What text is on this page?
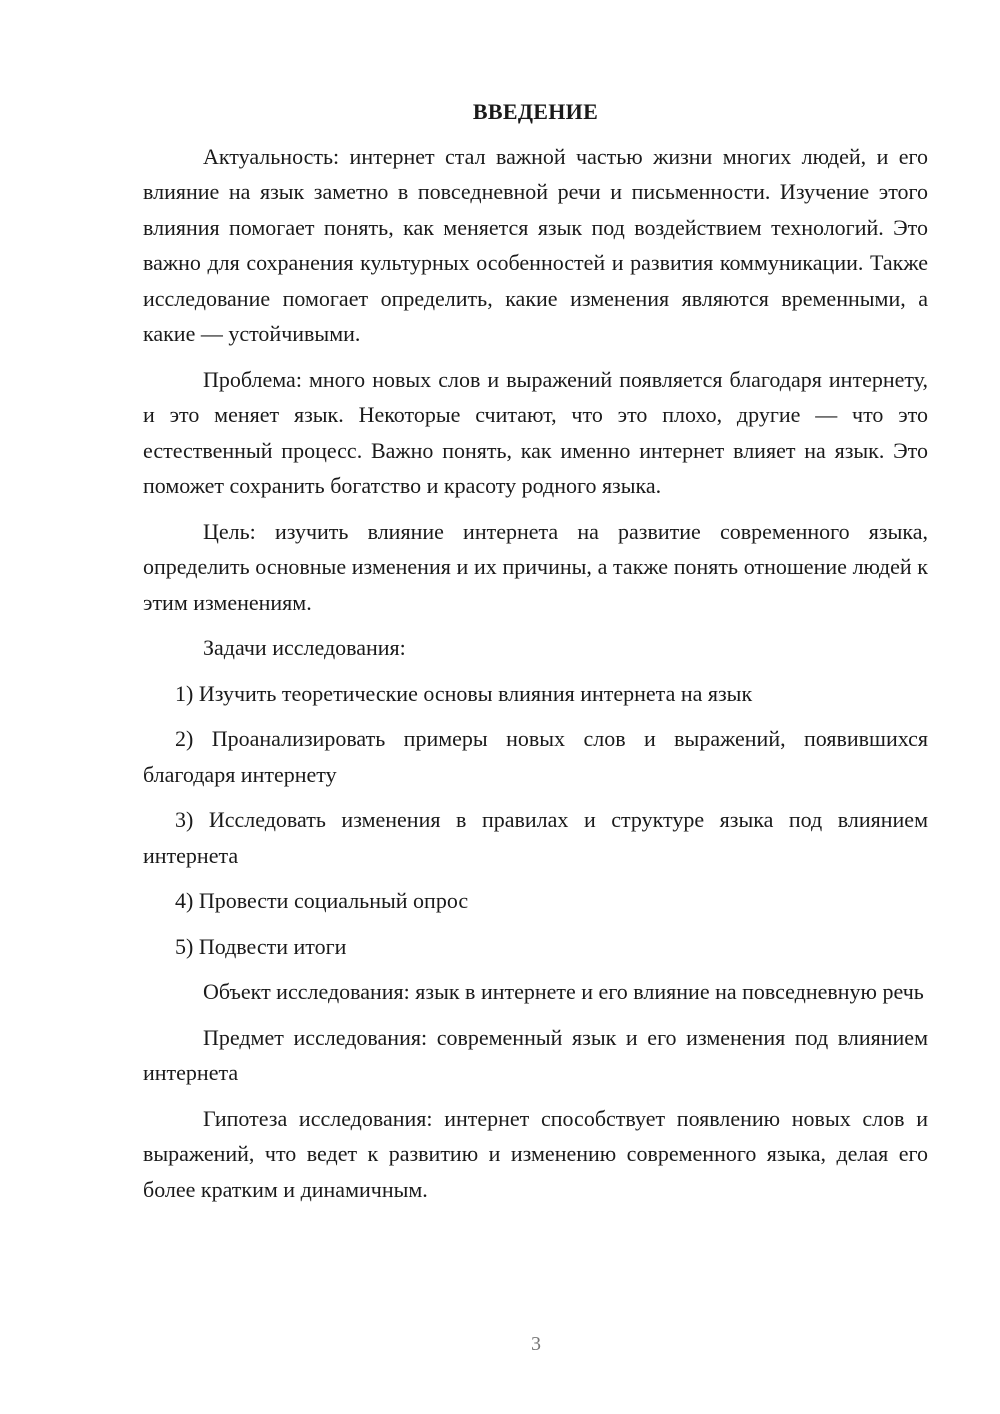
ВВЕДЕНИЕ

Актуальность: интернет стал важной частью жизни многих людей, и его влияние на язык заметно в повседневной речи и письменности. Изучение этого влияния помогает понять, как меняется язык под воздействием технологий. Это важно для сохранения культурных особенностей и развития коммуникации. Также исследование помогает определить, какие изменения являются временными, а какие — устойчивыми.

Проблема: много новых слов и выражений появляется благодаря интернету, и это меняет язык. Некоторые считают, что это плохо, другие — что это естественный процесс. Важно понять, как именно интернет влияет на язык. Это поможет сохранить богатство и красоту родного языка.

Цель: изучить влияние интернета на развитие современного языка, определить основные изменения и их причины, а также понять отношение людей к этим изменениям.

Задачи исследования:

1) Изучить теоретические основы влияния интернета на язык

2) Проанализировать примеры новых слов и выражений, появившихся благодаря интернету

3) Исследовать изменения в правилах и структуре языка под влиянием интернета

4) Провести социальный опрос

5) Подвести итоги

Объект исследования: язык в интернете и его влияние на повседневную речь

Предмет исследования: современный язык и его изменения под влиянием интернета

Гипотеза исследования: интернет способствует появлению новых слов и выражений, что ведет к развитию и изменению современного языка, делая его более кратким и динамичным.

3
